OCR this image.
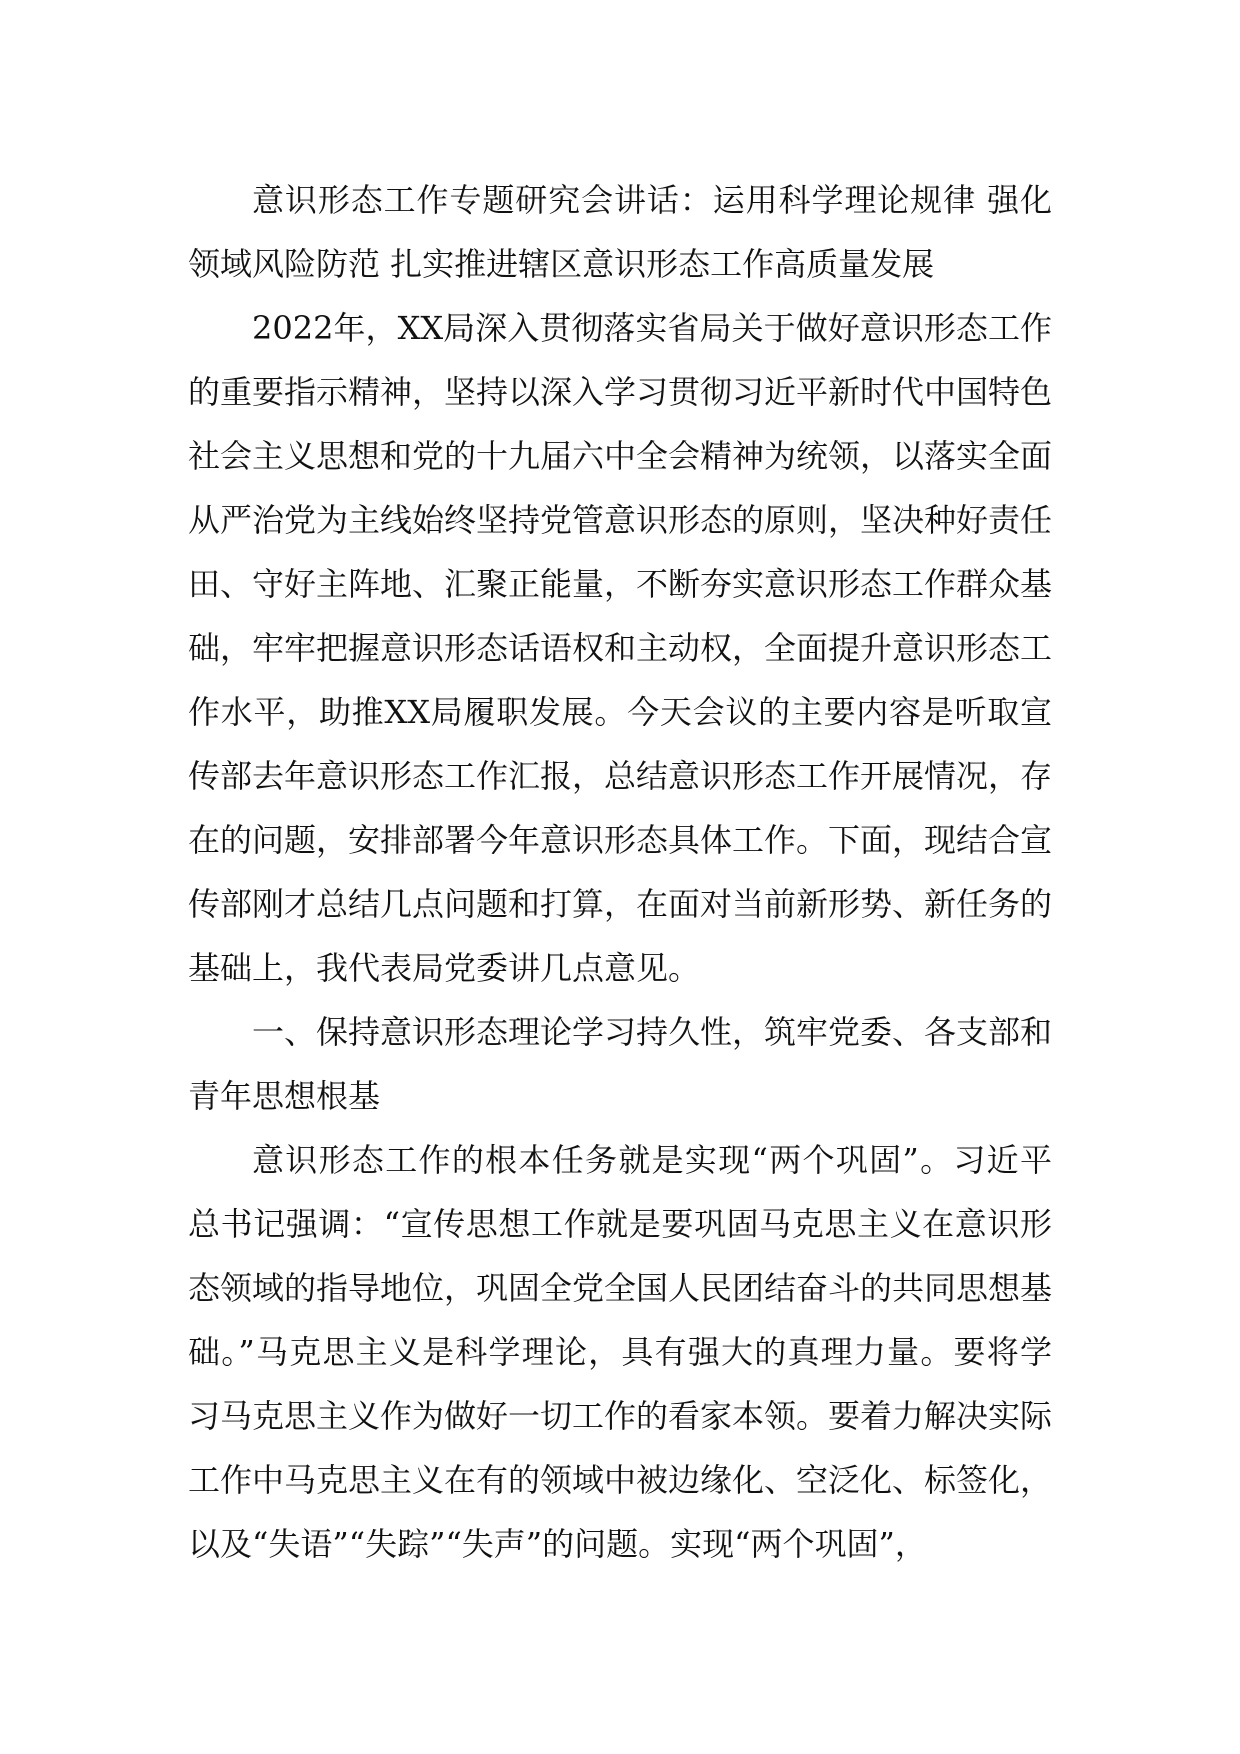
意识形态工作专题研究会讲话：运用科学理论规律 强化领域风险防范 扎实推进辖区意识形态工作高质量发展

2022年，XX局深入贯彻落实省局关于做好意识形态工作的重要指示精神，坚持以深入学习贯彻习近平新时代中国特色社会主义思想和党的十九届六中全会精神为统领，以落实全面从严治党为主线始终坚持党管意识形态的原则，坚决种好责任田、守好主阵地、汇聚正能量，不断夯实意识形态工作群众基础，牢牢把握意识形态话语权和主动权，全面提升意识形态工作水平，助推XX局履职发展。今天会议的主要内容是听取宣传部去年意识形态工作汇报，总结意识形态工作开展情况，存在的问题，安排部署今年意识形态具体工作。下面，现结合宣传部刚才总结几点问题和打算，在面对当前新形势、新任务的基础上，我代表局党委讲几点意见。

一、保持意识形态理论学习持久性，筑牢党委、各支部和青年思想根基

意识形态工作的根本任务就是实现“两个巩固”。习近平总书记强调：“宣传思想工作就是要巩固马克思主义在意识形态领域的指导地位，巩固全党全国人民团结奋斗的共同思想基础。”马克思主义是科学理论，具有强大的真理力量。要将学习马克思主义作为做好一切工作的看家本领。要着力解决实际工作中马克思主义在有的领域中被边缘化、空泛化、标签化，以及“失语”“失踪”“失声”的问题。实现“两个巩固”，
